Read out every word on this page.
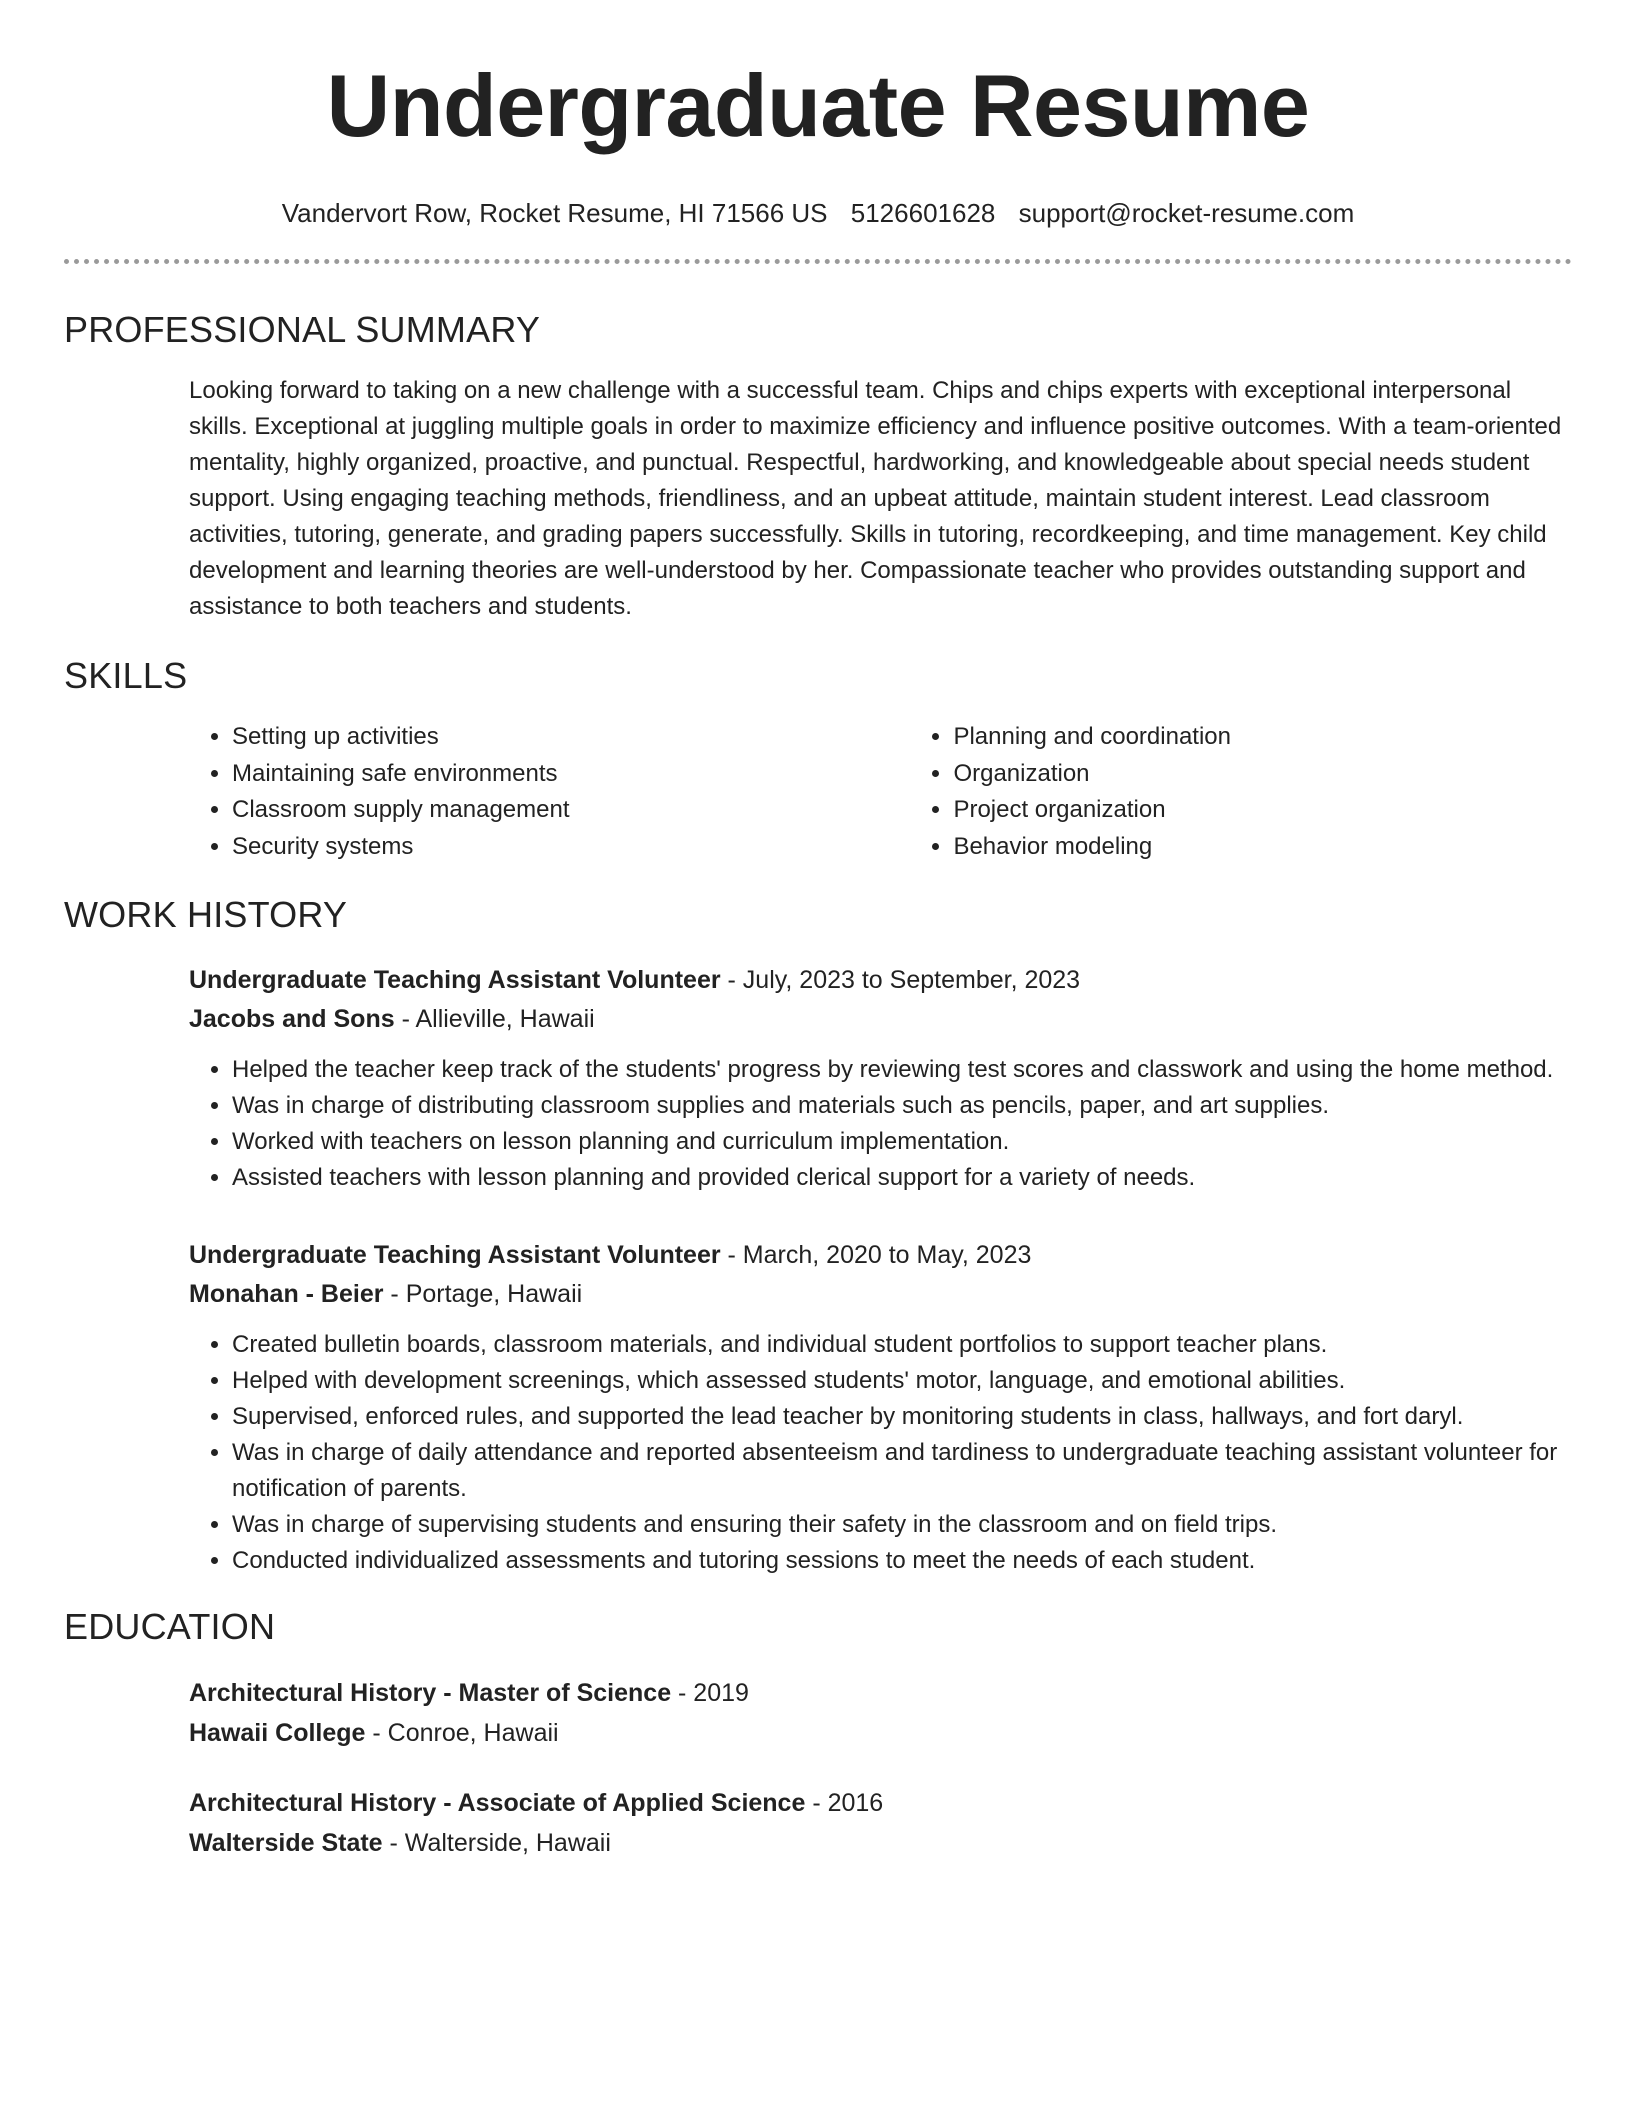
Undergraduate Resume
Vandervort Row, Rocket Resume, HI 71566 US 5126601628 support@rocket-resume.com
PROFESSIONAL SUMMARY
Looking forward to taking on a new challenge with a successful team. Chips and chips experts with exceptional interpersonal skills. Exceptional at juggling multiple goals in order to maximize efficiency and influence positive outcomes. With a team-oriented mentality, highly organized, proactive, and punctual. Respectful, hardworking, and knowledgeable about special needs student support. Using engaging teaching methods, friendliness, and an upbeat attitude, maintain student interest. Lead classroom activities, tutoring, generate, and grading papers successfully. Skills in tutoring, recordkeeping, and time management. Key child development and learning theories are well-understood by her. Compassionate teacher who provides outstanding support and assistance to both teachers and students.
SKILLS
• Setting up activities
• Maintaining safe environments
• Classroom supply management
• Security systems
• Planning and coordination
• Organization
• Project organization
• Behavior modeling
WORK HISTORY
Undergraduate Teaching Assistant Volunteer - July, 2023 to September, 2023
Jacobs and Sons - Allieville, Hawaii
• Helped the teacher keep track of the students' progress by reviewing test scores and classwork and using the home method.
• Was in charge of distributing classroom supplies and materials such as pencils, paper, and art supplies.
• Worked with teachers on lesson planning and curriculum implementation.
• Assisted teachers with lesson planning and provided clerical support for a variety of needs.
Undergraduate Teaching Assistant Volunteer - March, 2020 to May, 2023
Monahan - Beier - Portage, Hawaii
• Created bulletin boards, classroom materials, and individual student portfolios to support teacher plans.
• Helped with development screenings, which assessed students' motor, language, and emotional abilities.
• Supervised, enforced rules, and supported the lead teacher by monitoring students in class, hallways, and fort daryl.
• Was in charge of daily attendance and reported absenteeism and tardiness to undergraduate teaching assistant volunteer for notification of parents.
• Was in charge of supervising students and ensuring their safety in the classroom and on field trips.
• Conducted individualized assessments and tutoring sessions to meet the needs of each student.
EDUCATION
Architectural History - Master of Science - 2019
Hawaii College - Conroe, Hawaii
Architectural History - Associate of Applied Science - 2016
Walterside State - Walterside, Hawaii
